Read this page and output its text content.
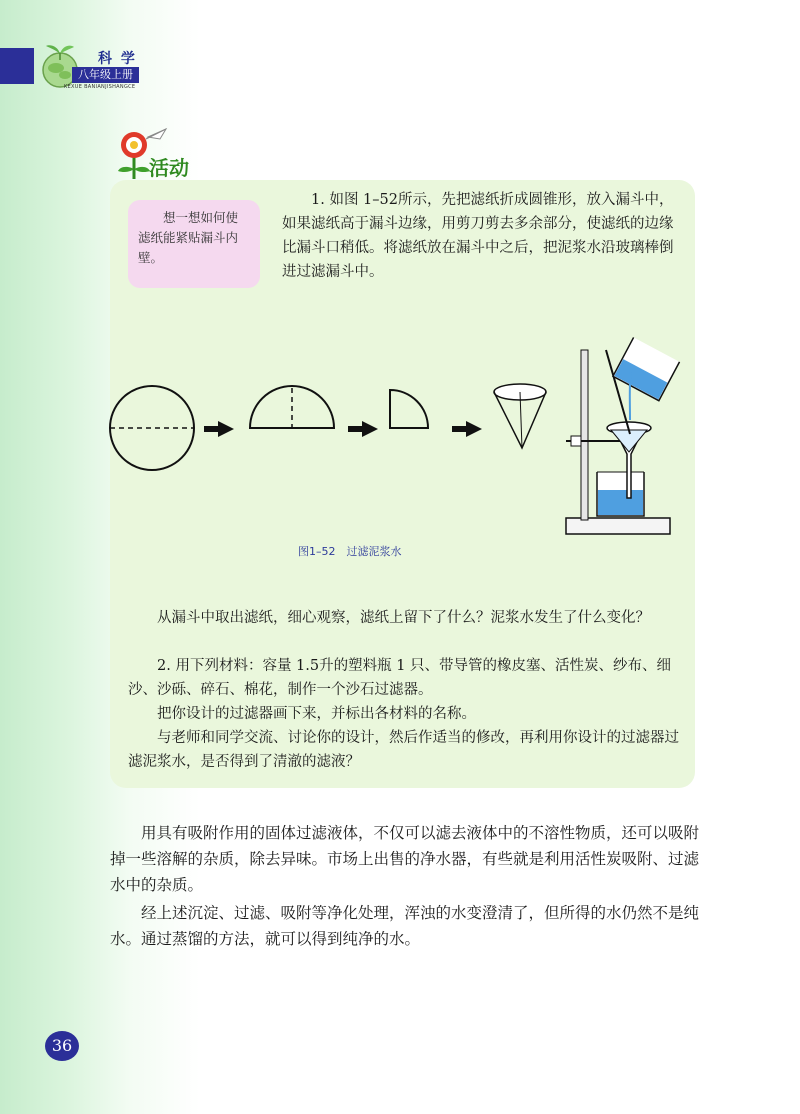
科 学
八年级上册
KEXUE BANIANJISHANGCE
活动
想一想如何使滤纸能紧贴漏斗内壁。

1. 如图 1–52所示，先把滤纸折成圆锥形，放入漏斗中，如果滤纸高于漏斗边缘，用剪刀剪去多余部分，使滤纸的边缘比漏斗口稍低。将滤纸放在漏斗中之后，把泥浆水沿玻璃棒倒进过滤漏斗中。

图1–52　过滤泥浆水

从漏斗中取出滤纸，细心观察，滤纸上留下了什么？泥浆水发生了什么变化？

2. 用下列材料：容量 1.5升的塑料瓶 1 只、带导管的橡皮塞、活性炭、纱布、细沙、沙砾、碎石、棉花，制作一个沙石过滤器。

把你设计的过滤器画下来，并标出各材料的名称。

与老师和同学交流、讨论你的设计，然后作适当的修改，再利用你设计的过滤器过滤泥浆水，是否得到了清澈的滤液？

用具有吸附作用的固体过滤液体，不仅可以滤去液体中的不溶性物质，还可以吸附掉一些溶解的杂质，除去异味。市场上出售的净水器，有些就是利用活性炭吸附、过滤水中的杂质。

经上述沉淀、过滤、吸附等净化处理，浑浊的水变澄清了，但所得的水仍然不是纯水。通过蒸馏的方法，就可以得到纯净的水。

36
